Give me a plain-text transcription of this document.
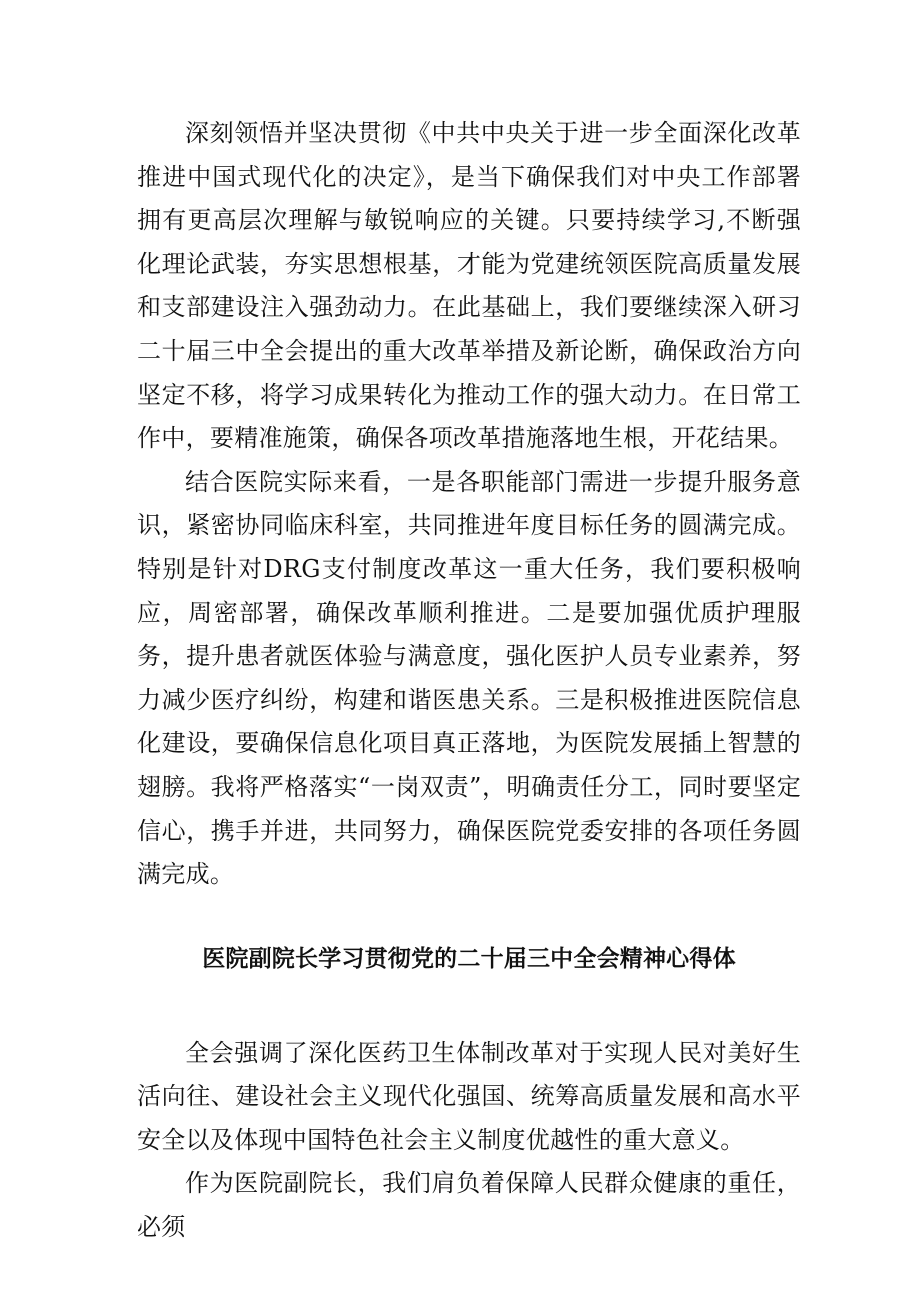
深刻领悟并坚决贯彻《中共中央关于进一步全面深化改革推进中国式现代化的决定》，是当下确保我们对中央工作部署拥有更高层次理解与敏锐响应的关键。只要持续学习,不断强化理论武装，夯实思想根基，才能为党建统领医院高质量发展和支部建设注入强劲动力。在此基础上，我们要继续深入研习二十届三中全会提出的重大改革举措及新论断，确保政治方向坚定不移，将学习成果转化为推动工作的强大动力。在日常工作中，要精准施策，确保各项改革措施落地生根，开花结果。

结合医院实际来看，一是各职能部门需进一步提升服务意识，紧密协同临床科室，共同推进年度目标任务的圆满完成。特别是针对DRG支付制度改革这一重大任务，我们要积极响应，周密部署，确保改革顺利推进。二是要加强优质护理服务，提升患者就医体验与满意度，强化医护人员专业素养，努力减少医疗纠纷，构建和谐医患关系。三是积极推进医院信息化建设，要确保信息化项目真正落地，为医院发展插上智慧的翅膀。我将严格落实“一岗双责”，明确责任分工，同时要坚定信心，携手并进，共同努力，确保医院党委安排的各项任务圆满完成。

医院副院长学习贯彻党的二十届三中全会精神心得体

全会强调了深化医药卫生体制改革对于实现人民对美好生活向往、建设社会主义现代化强国、统筹高质量发展和高水平安全以及体现中国特色社会主义制度优越性的重大意义。

作为医院副院长，我们肩负着保障人民群众健康的重任，必须
